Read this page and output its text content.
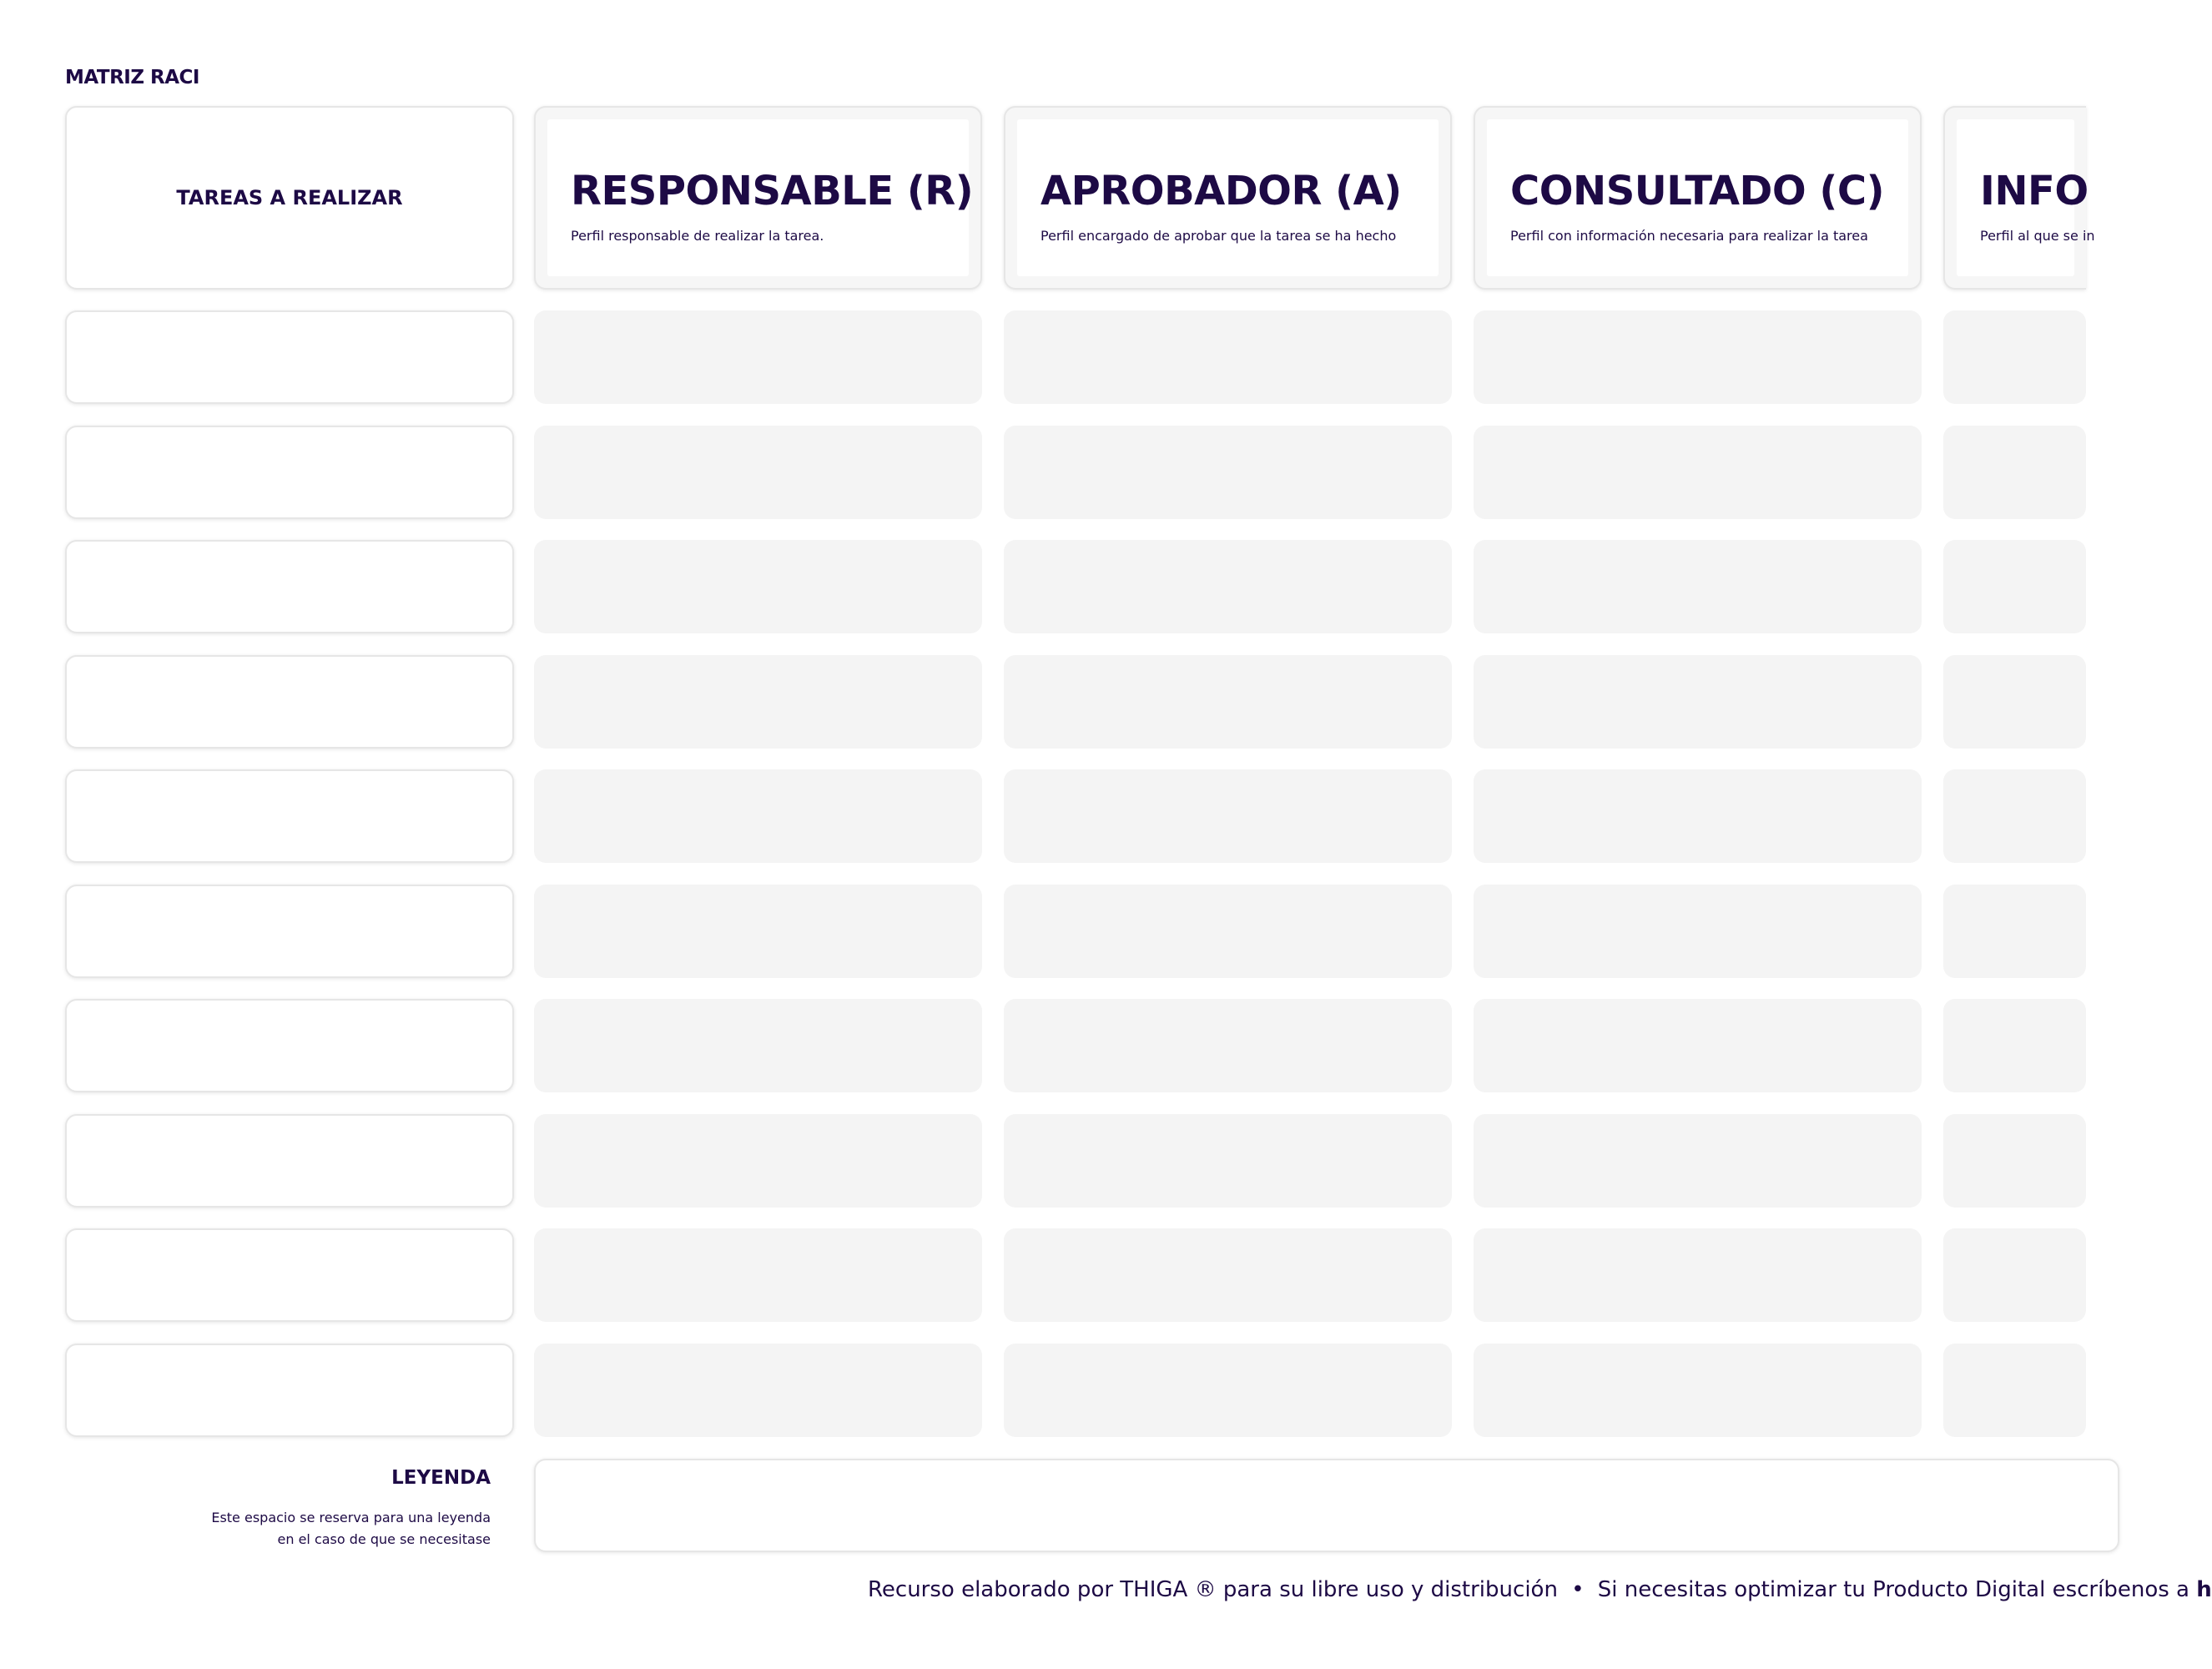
MATRIZ RACI
TAREAS A REALIZAR	RESPONSABLE (R)
Perfil responsable de realizar la tarea.
APROBADOR (A)
Perfil encargado de aprobar que la tarea se ha hecho
CONSULTADO (C)
Perfil con información necesaria para realizar la tarea
INFO
Perfil al que se in
LEYENDA
Este espacio se reserva para una leyenda
en el caso de que se necesitase
Recurso elaborado por THIGA ® para su libre uso y distribución • Si necesitas optimizar tu Producto Digital escríbenos a h
